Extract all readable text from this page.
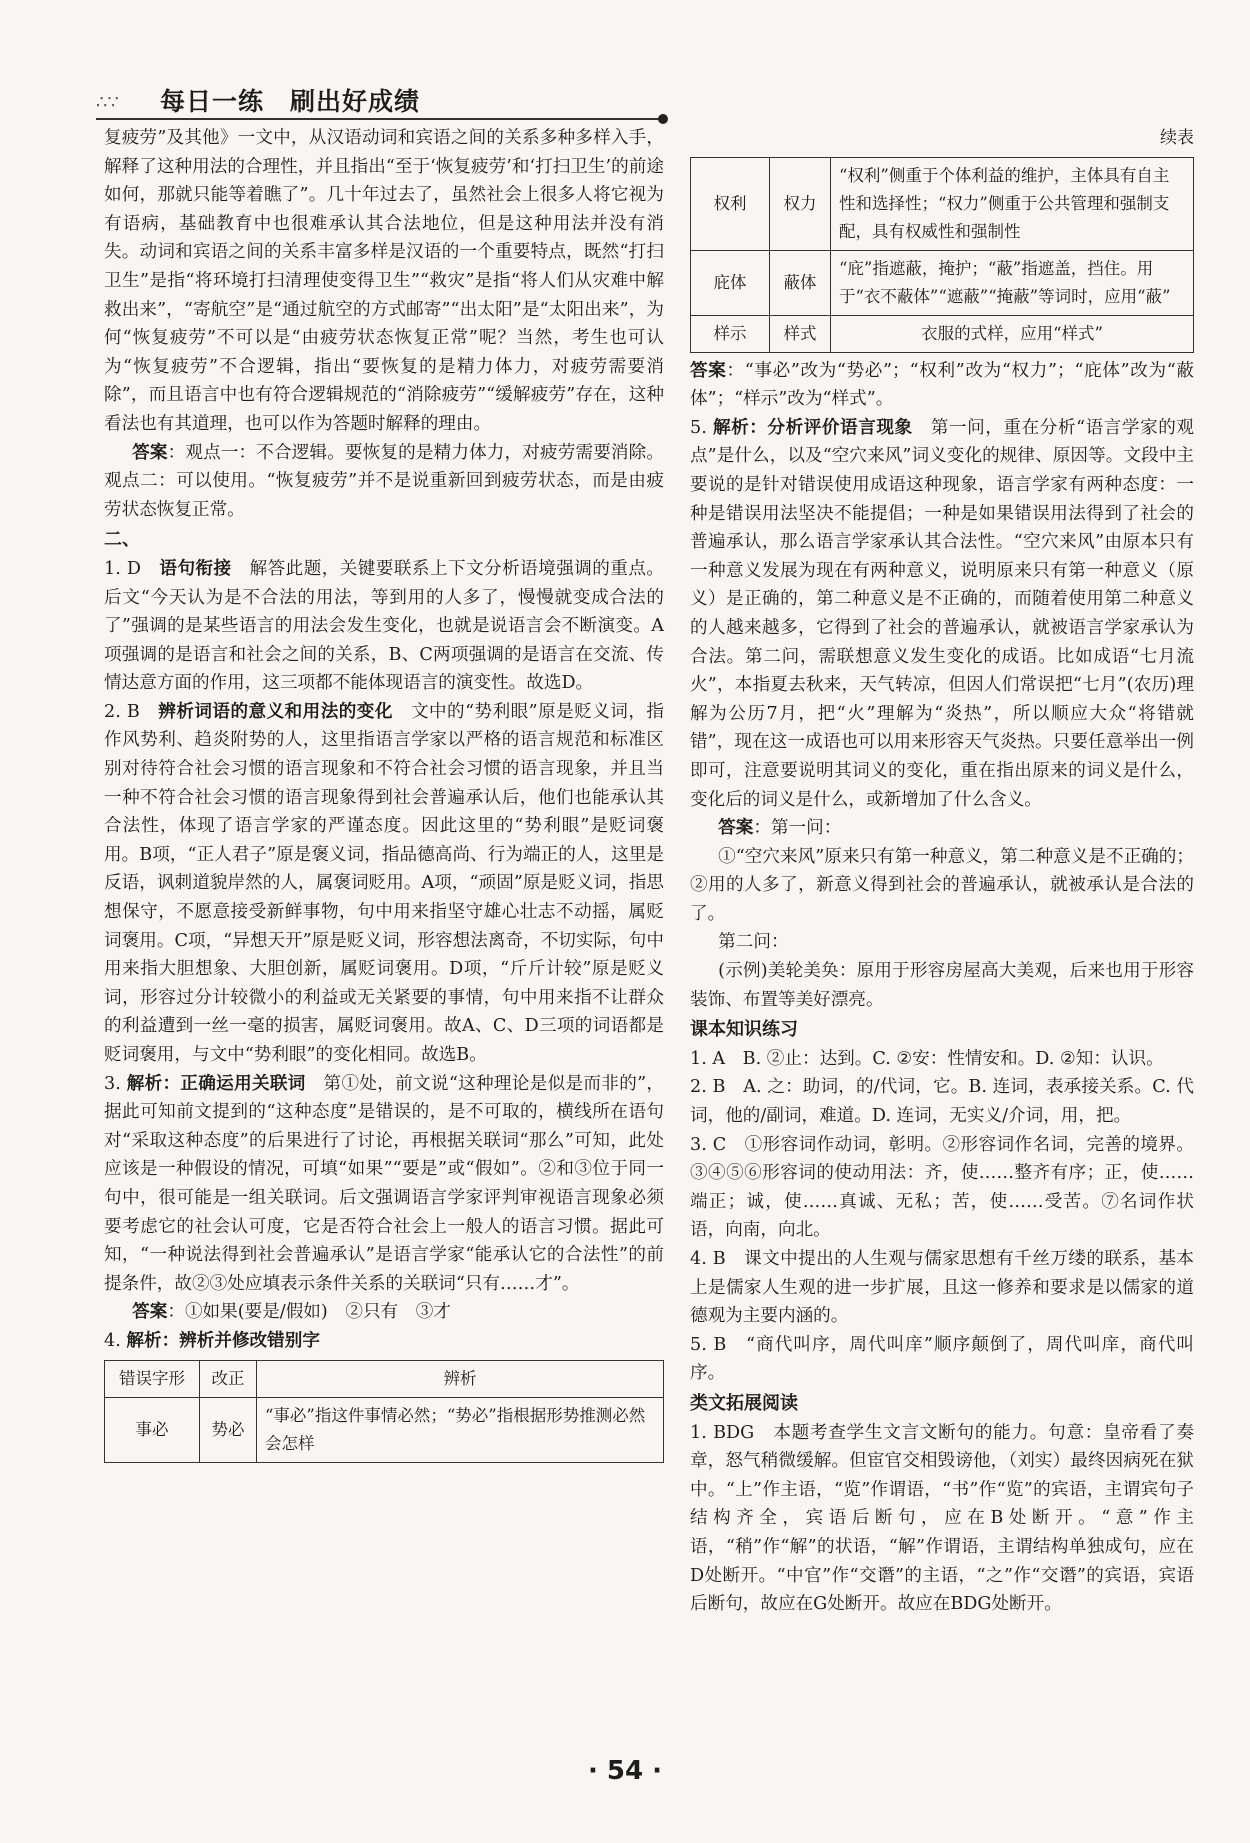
∴∵ 每日一练　刷出好成绩

复疲劳”及其他》一文中，从汉语动词和宾语之间的关系多种多样入手，解释了这种用法的合理性，并且指出“至于‘恢复疲劳’和‘打扫卫生’的前途如何，那就只能等着瞧了”。几十年过去了，虽然社会上很多人将它视为有语病，基础教育中也很难承认其合法地位，但是这种用法并没有消失。动词和宾语之间的关系丰富多样是汉语的一个重要特点，既然“打扫卫生”是指“将环境打扫清理使变得卫生”“救灾”是指“将人们从灾难中解救出来”，“寄航空”是“通过航空的方式邮寄”“出太阳”是“太阳出来”，为何“恢复疲劳”不可以是“由疲劳状态恢复正常”呢？当然，考生也可认为“恢复疲劳”不合逻辑，指出“要恢复的是精力体力，对疲劳需要消除”，而且语言中也有符合逻辑规范的“消除疲劳”“缓解疲劳”存在，这种看法也有其道理，也可以作为答题时解释的理由。

答案：观点一：不合逻辑。要恢复的是精力体力，对疲劳需要消除。观点二：可以使用。“恢复疲劳”并不是说重新回到疲劳状态，而是由疲劳状态恢复正常。

二、

1. D　语句衔接　解答此题，关键要联系上下文分析语境强调的重点。后文“今天认为是不合法的用法，等到用的人多了，慢慢就变成合法的了”强调的是某些语言的用法会发生变化，也就是说语言会不断演变。A项强调的是语言和社会之间的关系，B、C两项强调的是语言在交流、传情达意方面的作用，这三项都不能体现语言的演变性。故选D。

2. B　辨析词语的意义和用法的变化　文中的“势利眼”原是贬义词，指作风势利、趋炎附势的人，这里指语言学家以严格的语言规范和标准区别对待符合社会习惯的语言现象和不符合社会习惯的语言现象，并且当一种不符合社会习惯的语言现象得到社会普遍承认后，他们也能承认其合法性，体现了语言学家的严谨态度。因此这里的“势利眼”是贬词褒用。B项，“正人君子”原是褒义词，指品德高尚、行为端正的人，这里是反语，讽刺道貌岸然的人，属褒词贬用。A项，“顽固”原是贬义词，指思想保守，不愿意接受新鲜事物，句中用来指坚守雄心壮志不动摇，属贬词褒用。C项，“异想天开”原是贬义词，形容想法离奇，不切实际，句中用来指大胆想象、大胆创新，属贬词褒用。D项，“斤斤计较”原是贬义词，形容过分计较微小的利益或无关紧要的事情，句中用来指不让群众的利益遭到一丝一毫的损害，属贬词褒用。故A、C、D三项的词语都是贬词褒用，与文中“势利眼”的变化相同。故选B。

3. 解析：正确运用关联词　第①处，前文说“这种理论是似是而非的”，据此可知前文提到的“这种态度”是错误的，是不可取的，横线所在语句对“采取这种态度”的后果进行了讨论，再根据关联词“那么”可知，此处应该是一种假设的情况，可填“如果”“要是”或“假如”。②和③位于同一句中，很可能是一组关联词。后文强调语言学家评判审视语言现象必须要考虑它的社会认可度，它是否符合社会上一般人的语言习惯。据此可知，“一种说法得到社会普遍承认”是语言学家“能承认它的合法性”的前提条件，故②③处应填表示条件关系的关联词“只有……才”。

答案：①如果(要是/假如)　②只有　③才

4. 解析：辨析并修改错别字

错误字形	改正	辨析
事必	势必	“事必”指这件事情必然；“势必”指根据形势推测必然会怎样

续表

权利	权力	“权利”侧重于个体利益的维护，主体具有自主性和选择性；“权力”侧重于公共管理和强制支配，具有权威性和强制性
庇体	蔽体	“庇”指遮蔽，掩护；“蔽”指遮盖，挡住。用于“衣不蔽体”“遮蔽”“掩蔽”等词时，应用“蔽”
样示	样式	衣服的式样，应用“样式”

答案：“事必”改为“势必”；“权利”改为“权力”；“庇体”改为“蔽体”；“样示”改为“样式”。

5. 解析：分析评价语言现象　第一问，重在分析“语言学家的观点”是什么，以及“空穴来风”词义变化的规律、原因等。文段中主要说的是针对错误使用成语这种现象，语言学家有两种态度：一种是错误用法坚决不能提倡；一种是如果错误用法得到了社会的普遍承认，那么语言学家承认其合法性。“空穴来风”由原本只有一种意义发展为现在有两种意义，说明原来只有第一种意义（原义）是正确的，第二种意义是不正确的，而随着使用第二种意义的人越来越多，它得到了社会的普遍承认，就被语言学家承认为合法。第二问，需联想意义发生变化的成语。比如成语“七月流火”，本指夏去秋来，天气转凉，但因人们常误把“七月”(农历)理解为公历7月，把“火”理解为“炎热”，所以顺应大众“将错就错”，现在这一成语也可以用来形容天气炎热。只要任意举出一例即可，注意要说明其词义的变化，重在指出原来的词义是什么，变化后的词义是什么，或新增加了什么含义。

答案：第一问：

①“空穴来风”原来只有第一种意义，第二种意义是不正确的；②用的人多了，新意义得到社会的普遍承认，就被承认是合法的了。

第二问：

(示例)美轮美奂：原用于形容房屋高大美观，后来也用于形容装饰、布置等美好漂亮。

课本知识练习

1. A　B. ②止：达到。C. ②安：性情安和。D. ②知：认识。

2. B　A. 之：助词，的/代词，它。B. 连词，表承接关系。C. 代词，他的/副词，难道。D. 连词，无实义/介词，用，把。

3. C　①形容词作动词，彰明。②形容词作名词，完善的境界。③④⑤⑥形容词的使动用法：齐，使……整齐有序；正，使……端正；诚，使……真诚、无私；苦，使……受苦。⑦名词作状语，向南，向北。

4. B　课文中提出的人生观与儒家思想有千丝万缕的联系，基本上是儒家人生观的进一步扩展，且这一修养和要求是以儒家的道德观为主要内涵的。

5. B　“商代叫序，周代叫庠”顺序颠倒了，周代叫庠，商代叫序。

类文拓展阅读

1. BDG　本题考查学生文言文断句的能力。句意：皇帝看了奏章，怒气稍微缓解。但宦官交相毁谤他，（刘实）最终因病死在狱中。“上”作主语，“览”作谓语，“书”作“览”的宾语，主谓宾句子结构齐全，宾语后断句，应在B处断开。“意”作主语，“稍”作“解”的状语，“解”作谓语，主谓结构单独成句，应在D处断开。“中官”作“交谮”的主语，“之”作“交谮”的宾语，宾语后断句，故应在G处断开。故应在BDG处断开。

· 54 ·
